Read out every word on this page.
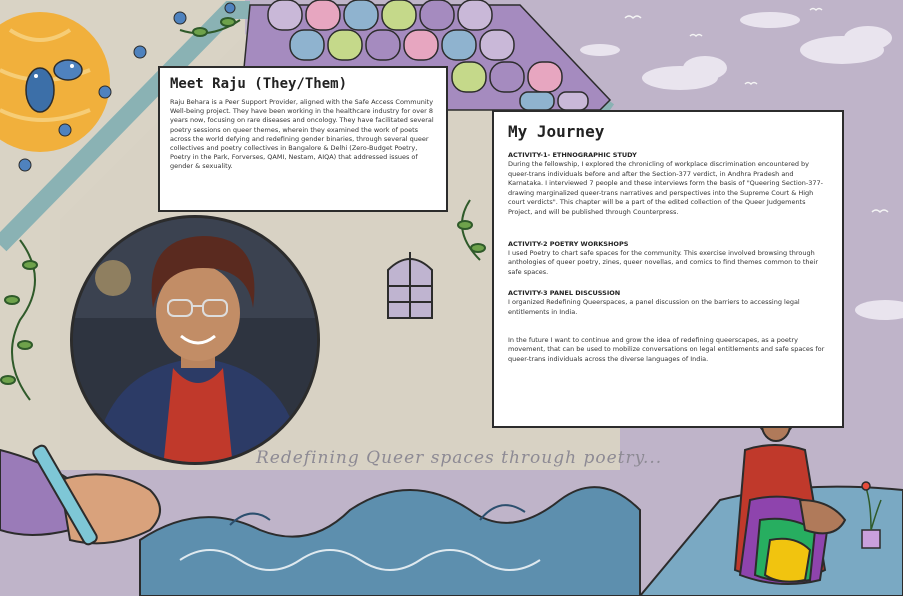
Meet Raju (They/Them)

Raju Behara is a Peer Support Provider, aligned with the Safe Access Community Well-being project. They have been working in the healthcare industry for over 8 years now, focusing on rare diseases and oncology. They have facilitated several poetry sessions on queer themes, wherein they examined the work of poets across the world defying and redefining gender binaries, through several queer collectives and poetry collectives in Bangalore & Delhi (Zero-Budget Poetry, Poetry in the Park, Forverses, QAMI, Nestam, AIQA) that addressed issues of gender & sexuality.

My Journey
ACTIVITY-1- ETHNOGRAPHIC STUDY

During the fellowship, I explored the chronicling of workplace discrimination encountered by queer-trans individuals before and after the Section-377 verdict, in Andhra Pradesh and Karnataka. I interviewed 7 people and these interviews form the basis of "Queering Section-377- drawing marginalized queer-trans narratives and perspectives into the Supreme Court & High court verdicts". This chapter will be a part of the edited collection of the Queer Judgements Project, and will be published through Counterpress.

ACTIVITY-2 POETRY WORKSHOPS

I used Poetry to chart safe spaces for the community. This exercise involved browsing through anthologies of queer poetry, zines, queer novellas, and comics to find themes common to their safe spaces.

ACTIVITY-3 PANEL DISCUSSION

I organized Redefining Queerspaces, a panel discussion on the barriers to accessing legal entitlements in India.

In the future I want to continue and grow the idea of redefining queerscapes, as a poetry movement, that can be used to mobilize conversations on legal entitlements and safe spaces for queer-trans individuals across the diverse languages of India.

Redefining Queer spaces through poetry...
